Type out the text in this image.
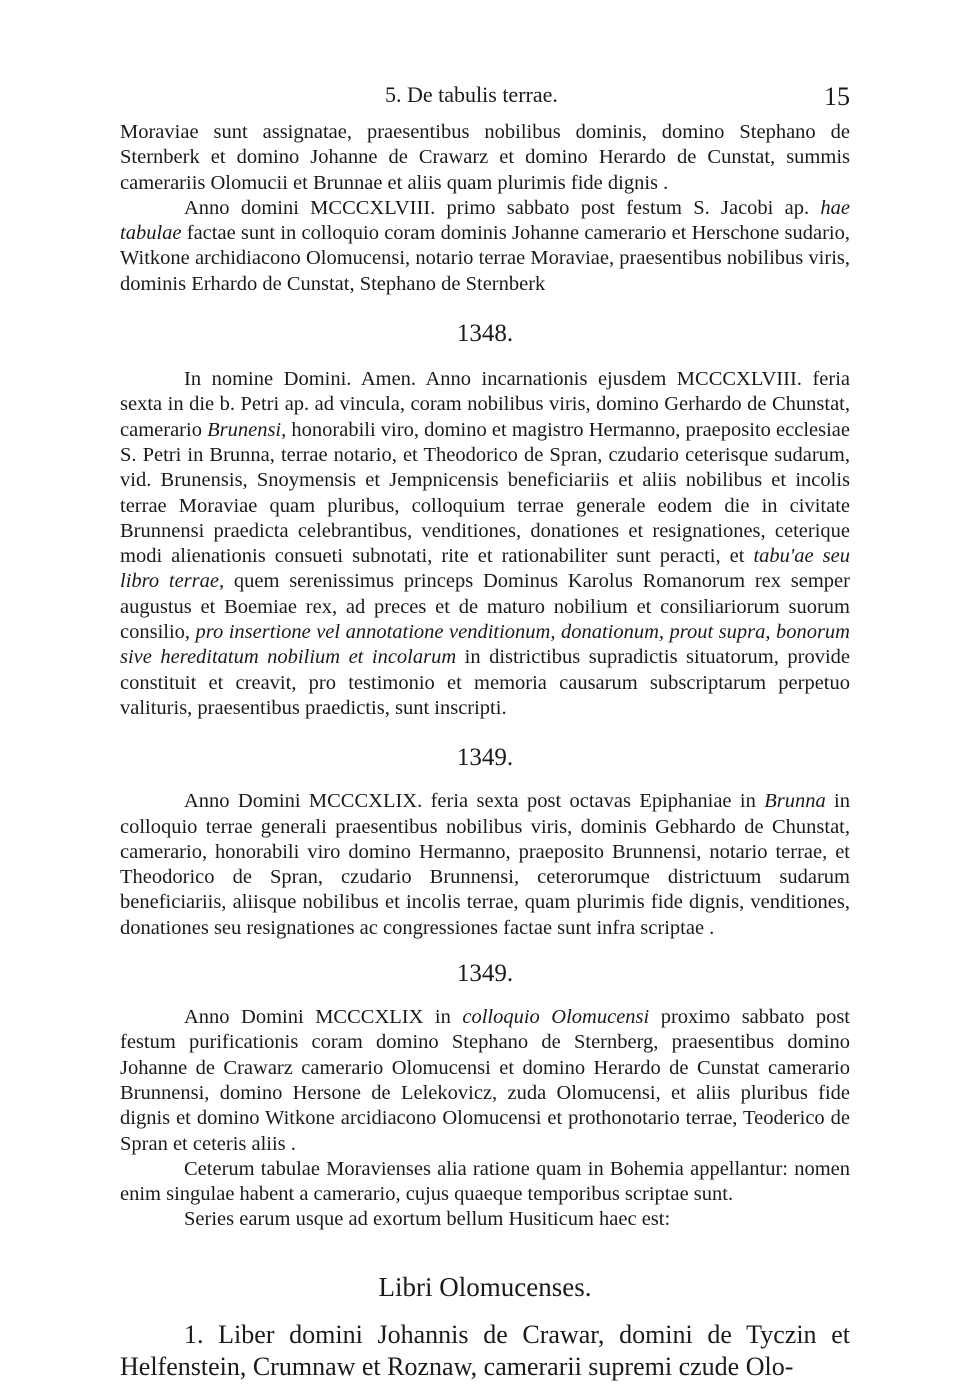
5. De tabulis terrae.	15

Moraviae sunt assignatae, praesentibus nobilibus dominis, domino Stephano de Sternberk et domino Johanne de Crawarz et domino Herardo de Cunstat, summis camerariis Olomucii et Brunnae et aliis quam plurimis fide dignis .

Anno domini MCCCXLVIII. primo sabbato post festum S. Jacobi ap. hae tabulae factae sunt in colloquio coram dominis Johanne camerario et Herschone sudario, Witkone archidiacono Olomucensi, notario terrae Moraviae, praesentibus nobilibus viris, dominis Erhardo de Cunstat, Stephano de Sternberk

1348.

In nomine Domini. Amen. Anno incarnationis ejusdem MCCCXLVIII. feria sexta in die b. Petri ap. ad vincula, coram nobilibus viris, domino Gerhardo de Chunstat, camerario Brunensi, honorabili viro, domino et magistro Hermanno, praeposito ecclesiae S. Petri in Brunna, terrae notario, et Theodorico de Spran, czudario ceterisque sudarum, vid. Brunensis, Snoymensis et Jempnicensis beneficiariis et aliis nobilibus et incolis terrae Moraviae quam pluribus, colloquium terrae generale eodem die in civitate Brunnensi praedicta celebrantibus, venditiones, donationes et resignationes, ceterique modi alienationis consueti subnotati, rite et rationabiliter sunt peracti, et tabu'ae seu libro terrae, quem serenissimus princeps Dominus Karolus Romanorum rex semper augustus et Boemiae rex, ad preces et de maturo nobilium et consiliariorum suorum consilio, pro insertione vel annotatione venditionum, donationum, prout supra, bonorum sive hereditatum nobilium et incolarum in districtibus supradictis situatorum, provide constituit et creavit, pro testimonio et memoria causarum subscriptarum perpetuo valituris, praesentibus praedictis, sunt inscripti.

1349.

Anno Domini MCCCXLIX. feria sexta post octavas Epiphaniae in Brunna in colloquio terrae generali praesentibus nobilibus viris, dominis Gebhardo de Chunstat, camerario, honorabili viro domino Hermanno, praeposito Brunnensi, notario terrae, et Theodorico de Spran, czudario Brunnensi, ceterorumque districtuum sudarum beneficiariis, aliisque nobilibus et incolis terrae, quam plurimis fide dignis, venditiones, donationes seu resignationes ac congressiones factae sunt infra scriptae .

1349.

Anno Domini MCCCXLIX in colloquio Olomucensi proximo sabbato post festum purificationis coram domino Stephano de Sternberg, praesentibus domino Johanne de Crawarz camerario Olomucensi et domino Herardo de Cunstat camerario Brunnensi, domino Hersone de Lelekovicz, zuda Olomucensi, et aliis pluribus fide dignis et domino Witkone arcidiacono Olomucensi et prothonotario terrae, Teoderico de Spran et ceteris aliis .

Ceterum tabulae Moravienses alia ratione quam in Bohemia appellantur: nomen enim singulae habent a camerario, cujus quaeque temporibus scriptae sunt.

Series earum usque ad exortum bellum Husiticum haec est:

Libri Olomucenses.

1. Liber domini Johannis de Crawar, domini de Tyczin et Helfenstein, Crumnaw et Roznaw, camerarii supremi czude Olo-
